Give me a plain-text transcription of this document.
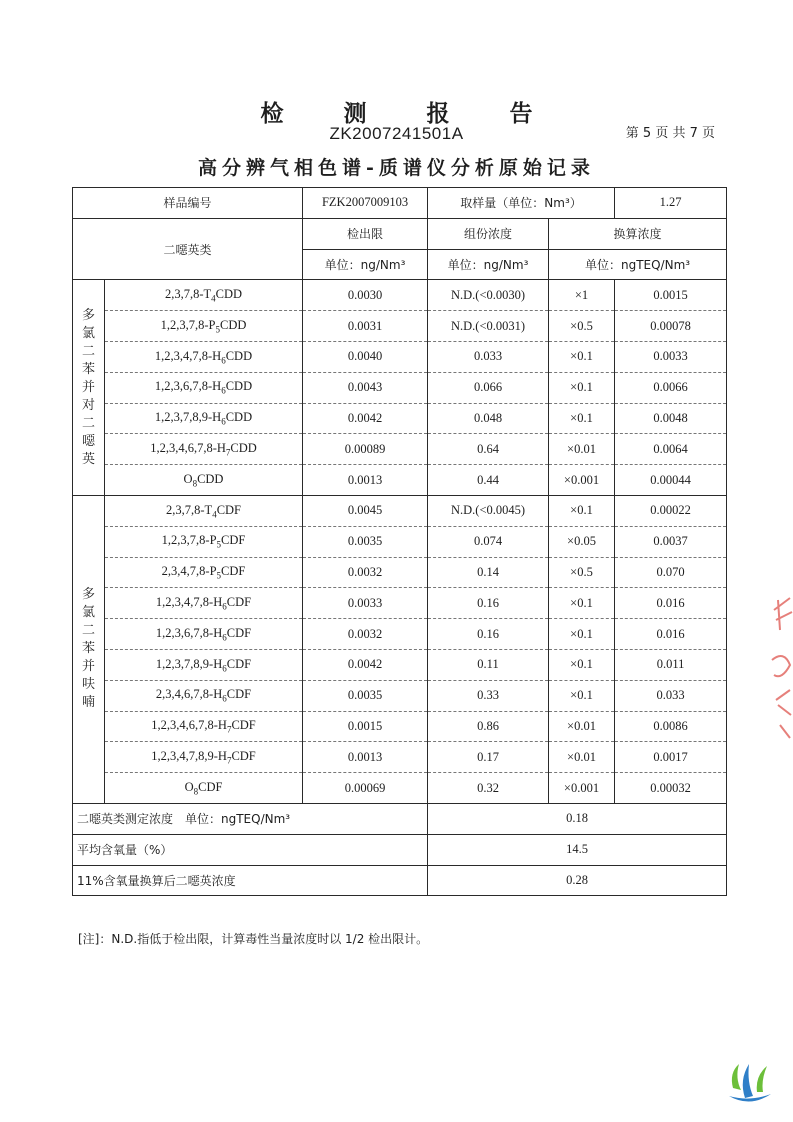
检 测 报 告
ZK2007241501A	第 5 页 共 7 页
高分辨气相色谱-质谱仪分析原始记录
样品编号		FZK2007009103	取样量（单位：Nm³）		1.27
二噁英类		检出限	组份浓度	换算浓度	
		单位：ng/Nm³	单位：ng/Nm³	单位：ngTEQ/Nm³	

多氯二苯并对二噁英	$2,3,7,8-T_4CDD$	0.0030	N.D.(<0.0030)	×1	0.0015
	$1,2,3,7,8-P_5CDD$	0.0031	N.D.(<0.0031)	×0.5	0.00078
	$1,2,3,4,7,8-H_6CDD$	0.0040	0.033	×0.1	0.0033
	$1,2,3,6,7,8-H_6CDD$	0.0043	0.066	×0.1	0.0066
	$1,2,3,7,8,9-H_6CDD$	0.0042	0.048	×0.1	0.0048
	$1,2,3,4,6,7,8-H_7CDD$	0.00089	0.64	×0.01	0.0064
	$O_8CDD$	0.0013	0.44	×0.001	0.00044

多氯二苯并呋喃	$2,3,7,8-T_4CDF$	0.0045	N.D.(<0.0045)	×0.1	0.00022
	$1,2,3,7,8-P_5CDF$	0.0035	0.074	×0.05	0.0037
	$2,3,4,7,8-P_5CDF$	0.0032	0.14	×0.5	0.070
	$1,2,3,4,7,8-H_6CDF$	0.0033	0.16	×0.1	0.016
	$1,2,3,6,7,8-H_6CDF$	0.0032	0.16	×0.1	0.016
	$1,2,3,7,8,9-H_6CDF$	0.0042	0.11	×0.1	0.011
	$2,3,4,6,7,8-H_6CDF$	0.0035	0.33	×0.1	0.033
	$1,2,3,4,6,7,8-H_7CDF$	0.0015	0.86	×0.01	0.0086
	$1,2,3,4,7,8,9-H_7CDF$	0.0013	0.17	×0.01	0.0017
	$O_8CDF$	0.00069	0.32	×0.001	0.00032
二噁英类测定浓度　单位：ngTEQ/Nm³			0.18		
平均含氧量（%）			14.5		
11%含氧量换算后二噁英浓度			0.28		
[注]：N.D.指低于检出限，计算毒性当量浓度时以 1/2 检出限计。
